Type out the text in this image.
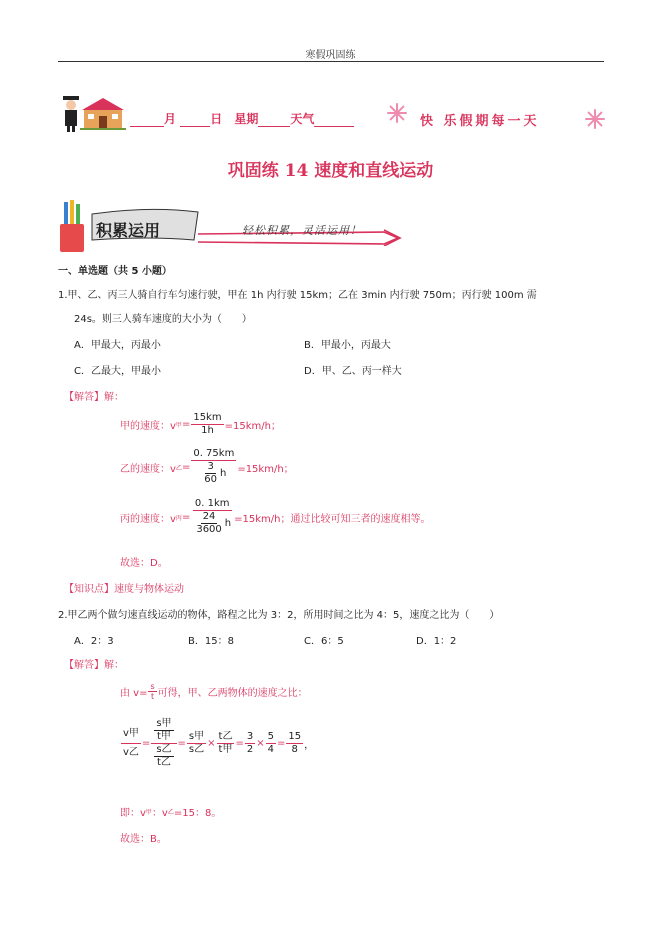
寒假巩固练
月	日 星期	天气	快 乐假期每一天
巩固练 14 速度和直线运动
积累运用	轻松积累，灵活运用！
一、单选题（共 5 小题）
1.甲、乙、丙三人骑自行车匀速行驶，甲在 1h 内行驶 15km；乙在 3min 内行驶 750m；丙行驶 100m 需
24s。则三人骑车速度的大小为（　　）
A．甲最大，丙最小	B．甲最小，丙最大
C．乙最大，甲最小	D．甲、乙、丙一样大
【解答】解：
甲的速度：v 甲 = $\frac{15km}{1h} =15km/h$；
乙的速度：v 乙 = $\frac{0. 75km}{\frac{3}{60} h} =15km/h$；
丙的速度：v 丙 = $\frac{0. 1km}{\frac{24}{3600} h} =15km/h$；通过比较可知三者的速度相等。
故选：D。
【知识点】速度与物体运动
2.甲乙两个做匀速直线运动的物体，路程之比为 3：2，所用时间之比为 4：5，速度之比为（　　）
A．2：3	B．15：8	C．6：5	D．1：2
【解答】解：
由 $v= \frac{s}{t}$ 可得，甲、乙两物体的速度之比：
$\frac{\text{v甲}}{\text{v乙}} = \frac{\frac{\text{s甲}}{\text{t甲}}}{\frac{\text{s乙}}{\text{t乙}}} = \frac{\text{s甲}}{\text{s乙}} \times \frac{\text{t乙}}{\text{t甲}} = \frac{3}{2} \times \frac{5}{4} = \frac{15}{8}$ ，
即：v 甲 ：v 乙 =15：8。
故选：B。
